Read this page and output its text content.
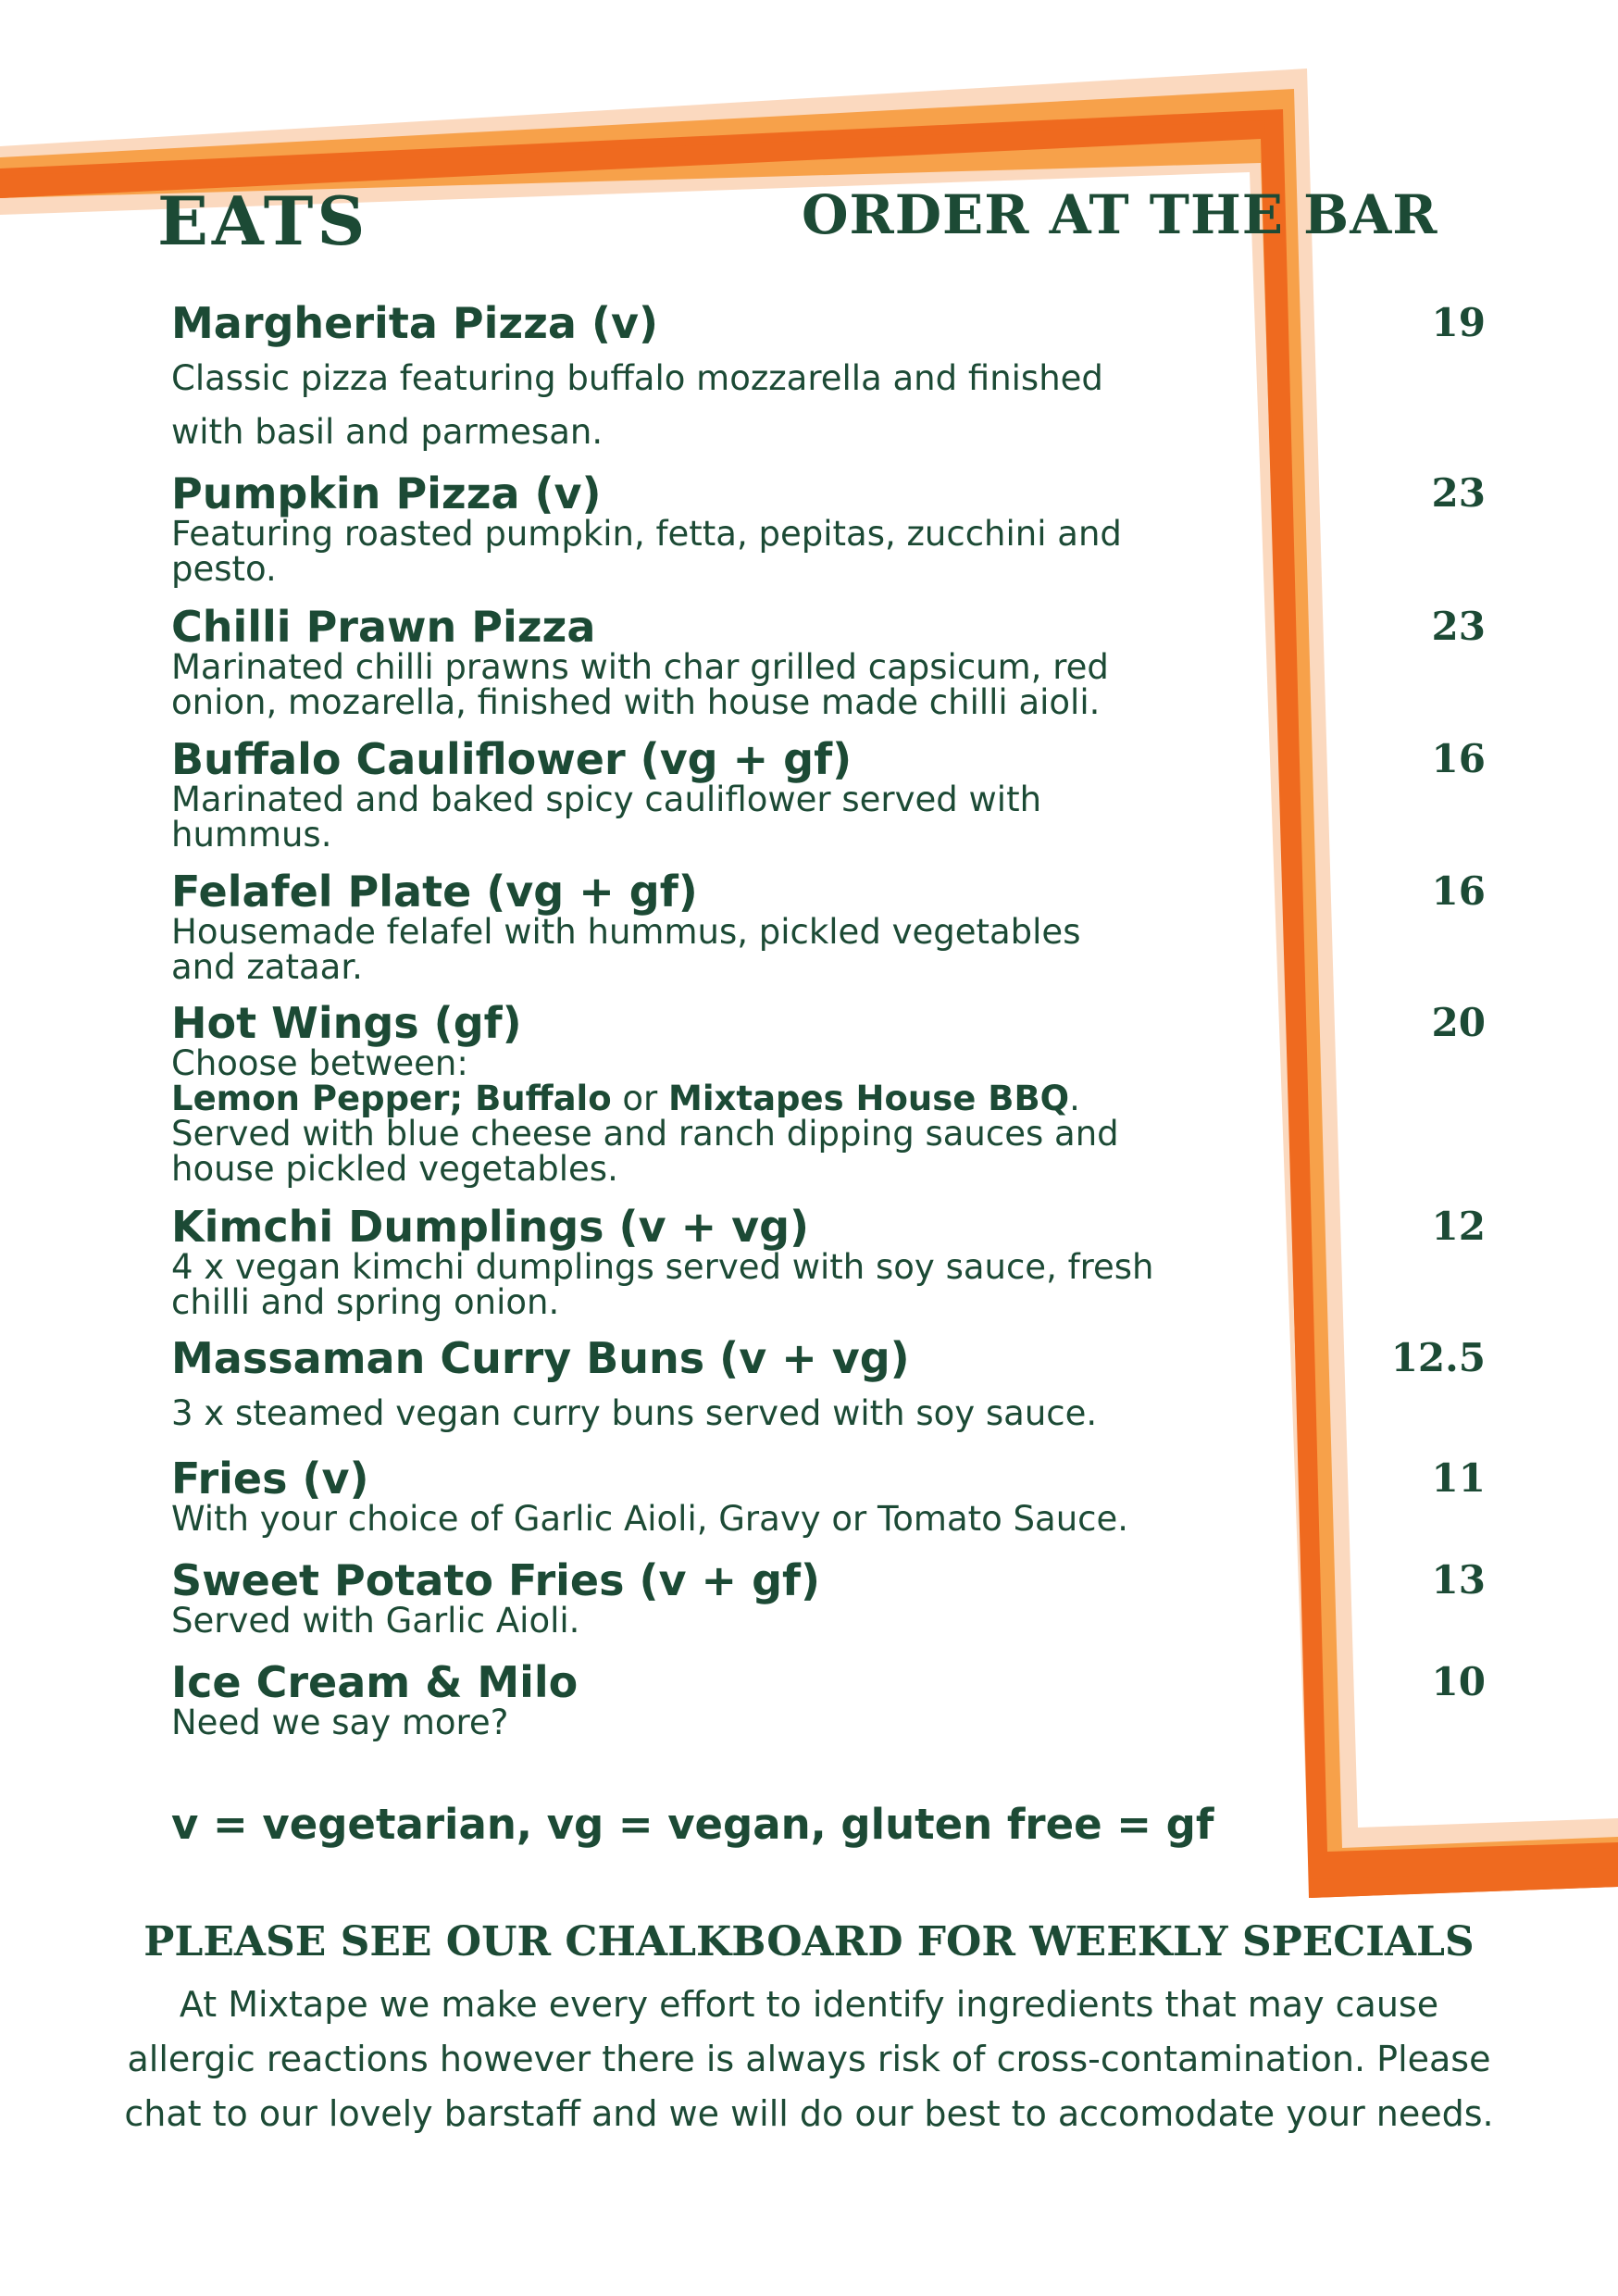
EATS	ORDER AT THE BAR
Margherita Pizza (v)	19
Classic pizza featuring buffalo mozzarella and finished
with basil and parmesan.
Pumpkin Pizza (v)	23
Featuring roasted pumpkin, fetta, pepitas, zucchini and
pesto.
Chilli Prawn Pizza	23
Marinated chilli prawns with char grilled capsicum, red
onion, mozarella, finished with house made chilli aioli.
Buffalo Cauliflower (vg + gf)	16
Marinated and baked spicy cauliflower served with
hummus.
Felafel Plate (vg + gf)	16
Housemade felafel with hummus, pickled vegetables
and zataar.
Hot Wings (gf)	20
Choose between:
Lemon Pepper; Buffalo or Mixtapes House BBQ.
Served with blue cheese and ranch dipping sauces and
house pickled vegetables.
Kimchi Dumplings (v + vg)	12
4 x vegan kimchi dumplings served with soy sauce, fresh
chilli and spring onion.
Massaman Curry Buns (v + vg)	12.5
3 x steamed vegan curry buns served with soy sauce.
Fries (v)	11
With your choice of Garlic Aioli, Gravy or Tomato Sauce.
Sweet Potato Fries (v + gf)	13
Served with Garlic Aioli.
Ice Cream & Milo	10
Need we say more?
v = vegetarian, vg = vegan, gluten free = gf
PLEASE SEE OUR CHALKBOARD FOR WEEKLY SPECIALS
At Mixtape we make every effort to identify ingredients that may cause
allergic reactions however there is always risk of cross-contamination. Please
chat to our lovely barstaff and we will do our best to accomodate your needs.
